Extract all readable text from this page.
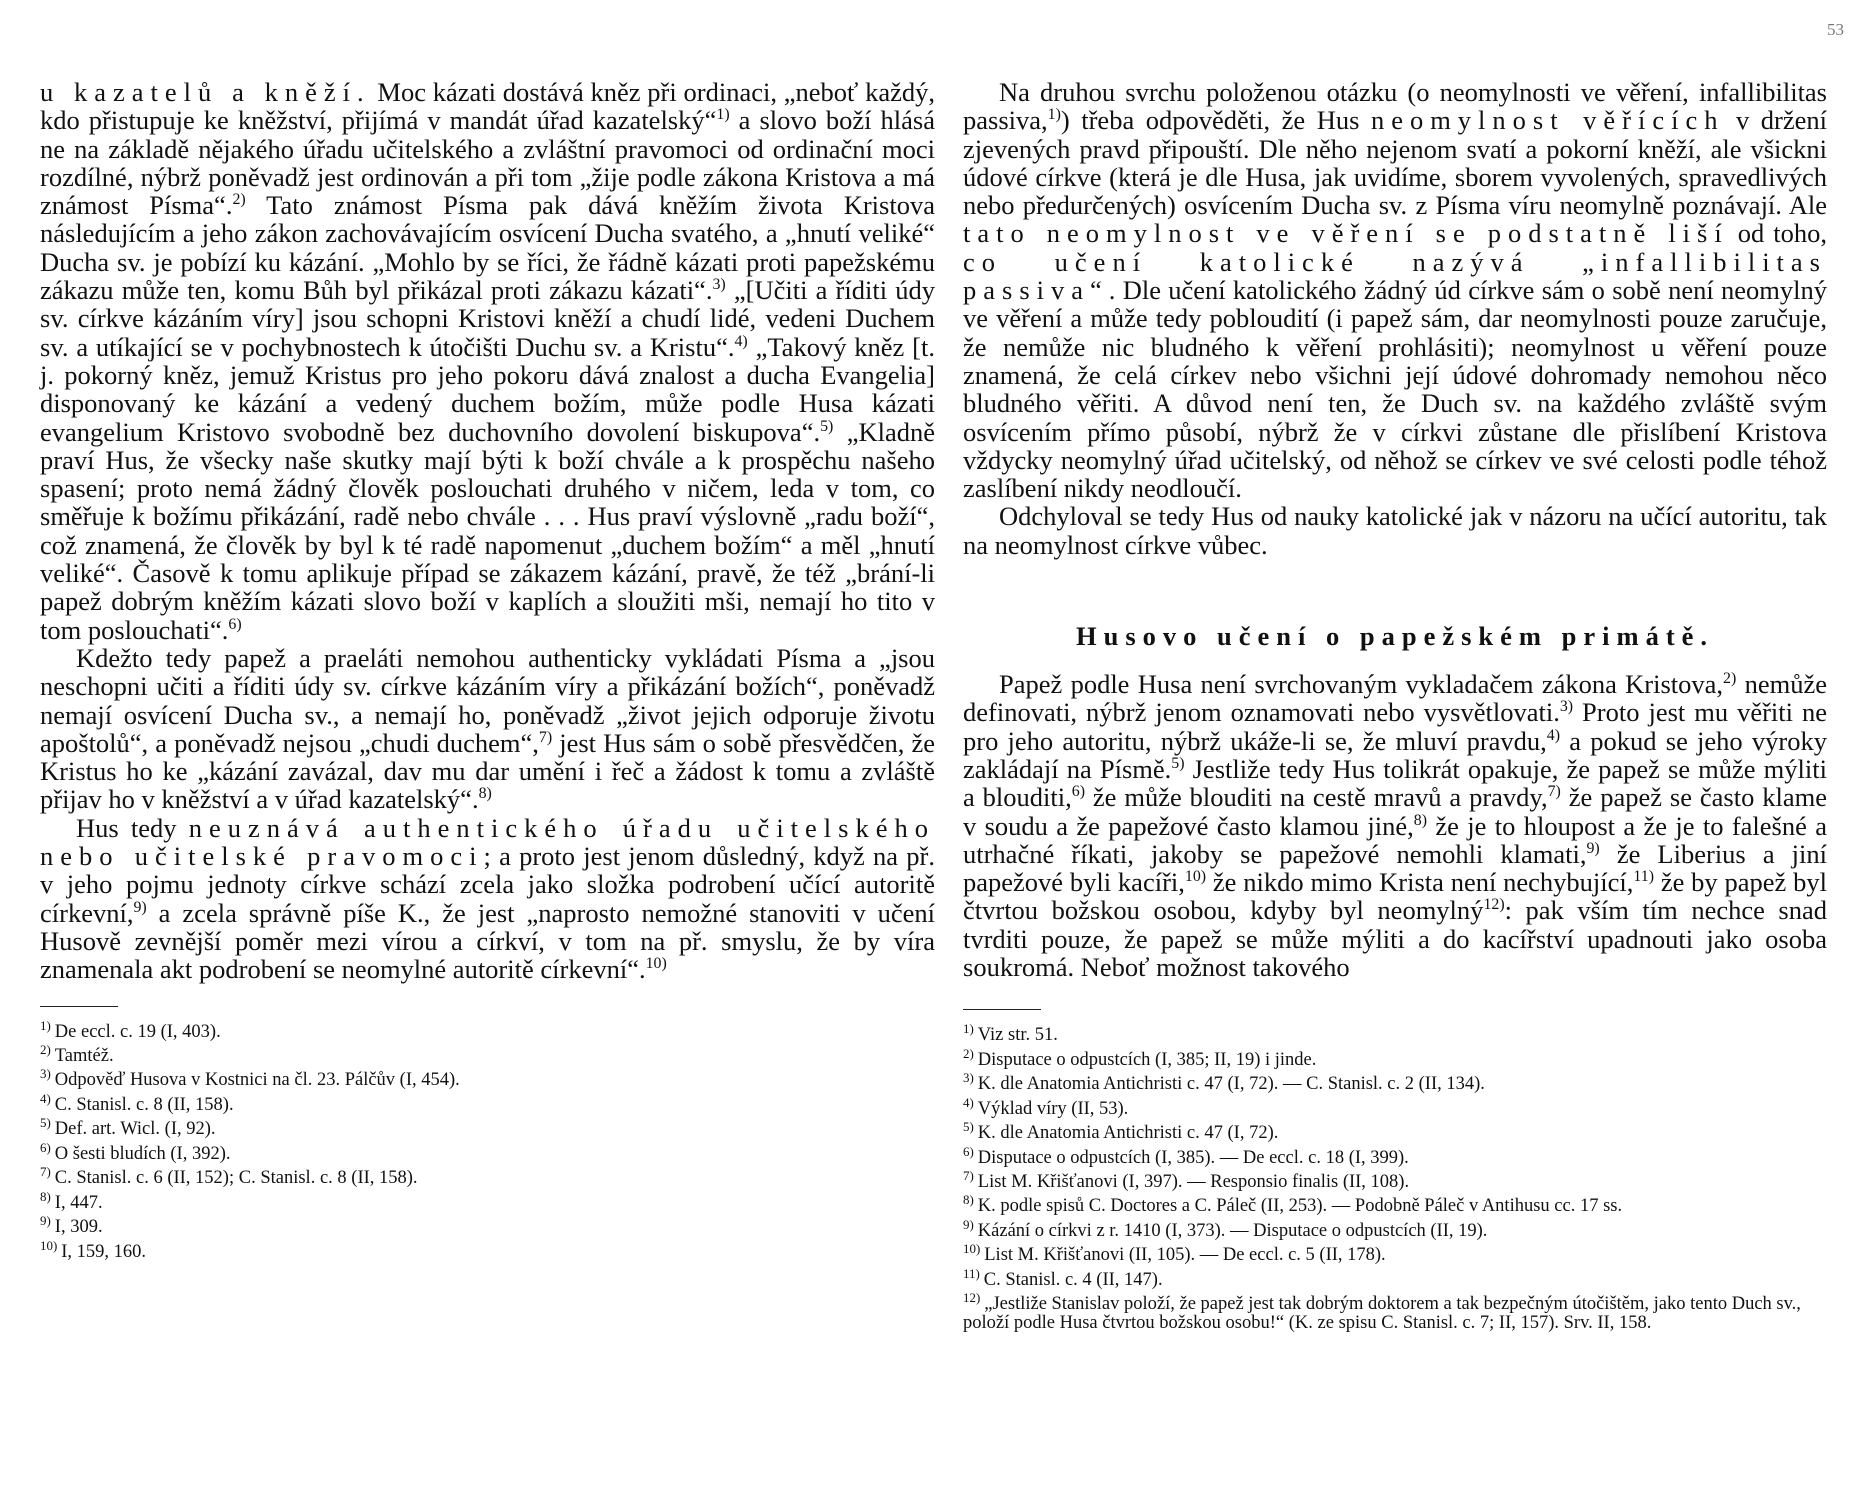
53

u kazatelů a kněží. Moc kázati dostává kněz při ordinaci, „neboť každý, kdo přistupuje ke kněžství, přijímá v mandát úřad kazatelský“$^{1)}$ a slovo boží hlásá ne na základě nějakého úřadu učitelského a zvláštní pravomoci od ordinační moci rozdílné, nýbrž poněvadž jest ordinován a při tom „žije podle zákona Kristova a má známost Písma“.$^{2)}$ Tato známost Písma pak dává kněžím života Kristova následujícím a jeho zákon zachovávajícím osvícení Ducha svatého, a „hnutí veliké“ Ducha sv. je pobízí ku kázání. „Mohlo by se říci, že řádně kázati proti papežskému zákazu může ten, komu Bůh byl přikázal proti zákazu kázati“.$^{3)}$ „[Učiti a říditi údy sv. církve kázáním víry] jsou schopni Kristovi kněží a chudí lidé, vedeni Duchem sv. a utíkající se v pochybnostech k útočišti Duchu sv. a Kristu“.$^{4)}$ „Takový kněz [t. j. pokorný kněz, jemuž Kristus pro jeho pokoru dává znalost a ducha Evangelia] disponovaný ke kázání a vedený duchem božím, může podle Husa kázati evangelium Kristovo svobodně bez duchovního dovolení biskupova“.$^{5)}$ „Kladně praví Hus, že všecky naše skutky mají býti k boží chvále a k prospěchu našeho spasení; proto nemá žádný člověk poslouchati druhého v ničem, leda v tom, co směřuje k božímu přikázání, radě nebo chvále . . . Hus praví výslovně „radu boží“, což znamená, že člověk by byl k té radě napomenut „duchem božím“ a měl „hnutí veliké“. Časově k tomu aplikuje případ se zákazem kázání, pravě, že též „brání-li papež dobrým kněžím kázati slovo boží v kaplích a sloužiti mši, nemají ho tito v tom poslouchati“.$^{6)}$

Kdežto tedy papež a praeláti nemohou authenticky vykládati Písma a „jsou neschopni učiti a říditi údy sv. církve kázáním víry a přikázání božích“, poněvadž nemají osvícení Ducha sv., a nemají ho, poněvadž „život jejich odporuje životu apoštolů“, a poněvadž nejsou „chudi duchem“,$^{7)}$ jest Hus sám o sobě přesvědčen, že Kristus ho ke „kázání zavázal, dav mu dar umění i řeč a žádost k tomu a zvláště přijav ho v kněžství a v úřad kazatelský“.$^{8)}$

Hus tedy neuznává authentického úřadu učitelského nebo učitelské pravomoci; a proto jest jenom důsledný, když na př. v jeho pojmu jednoty církve schází zcela jako složka podrobení učící autoritě církevní,$^{9)}$ a zcela správně píše K., že jest „naprosto nemožné stanoviti v učení Husově zevnější poměr mezi vírou a církví, v tom na př. smyslu, že by víra znamenala akt podrobení se neomylné autoritě církevní“.$^{10)}$

$^{1)}$ De eccl. c. 19 (I, 403).
$^{2)}$ Tamtéž.
$^{3)}$ Odpověď Husova v Kostnici na čl. 23. Pálčův (I, 454).
$^{4)}$ C. Stanisl. c. 8 (II, 158).
$^{5)}$ Def. art. Wicl. (I, 92).
$^{6)}$ O šesti bludích (I, 392).
$^{7)}$ C. Stanisl. c. 6 (II, 152); C. Stanisl. c. 8 (II, 158).
$^{8)}$ I, 447.
$^{9)}$ I, 309.
$^{10)}$ I, 159, 160.

Na druhou svrchu položenou otázku (o neomylnosti ve věření, infallibilitas passiva,$^{1)}$) třeba odpověděti, že Hus neomylnost věřících v držení zjevených pravd připouští. Dle něho nejenom svatí a pokorní kněží, ale všickni údové církve (která je dle Husa, jak uvidíme, sborem vyvolených, spravedlivých nebo předurčených) osvícením Ducha sv. z Písma víru neomylně poznávají. Ale tato neomylnost ve věření se podstatně liší od toho, co učení katolické nazývá „infallibilitas passiva“. Dle učení katolického žádný úd církve sám o sobě není neomylný ve věření a může tedy pobloudití (i papež sám, dar neomylnosti pouze zaručuje, že nemůže nic bludného k věření prohlásiti); neomylnost u věření pouze znamená, že celá církev nebo všichni její údové dohromady nemohou něco bludného věřiti. A důvod není ten, že Duch sv. na každého zvláště svým osvícením přímo působí, nýbrž že v církvi zůstane dle přislíbení Kristova vždycky neomylný úřad učitelský, od něhož se církev ve své celosti podle téhož zaslíbení nikdy neodloučí.

Odchyloval se tedy Hus od nauky katolické jak v názoru na učící autoritu, tak na neomylnost církve vůbec.

Husovo učení o papežském primátě.

Papež podle Husa není svrchovaným vykladačem zákona Kristova,$^{2)}$ nemůže definovati, nýbrž jenom oznamovati nebo vysvětlovati.$^{3)}$ Proto jest mu věřiti ne pro jeho autoritu, nýbrž ukáže-li se, že mluví pravdu,$^{4)}$ a pokud se jeho výroky zakládají na Písmě.$^{5)}$ Jestliže tedy Hus tolikrát opakuje, že papež se může mýliti a blouditi,$^{6)}$ že může blouditi na cestě mravů a pravdy,$^{7)}$ že papež se často klame v soudu a že papežové často klamou jiné,$^{8)}$ že je to hloupost a že je to falešné a utrhačné říkati, jakoby se papežové nemohli klamati,$^{9)}$ že Liberius a jiní papežové byli kacíři,$^{10)}$ že nikdo mimo Krista není nechybující,$^{11)}$ že by papež byl čtvrtou božskou osobou, kdyby byl neomylný$^{12)}$: pak vším tím nechce snad tvrditi pouze, že papež se může mýliti a do kacířství upadnouti jako osoba soukromá. Neboť možnost takového

$^{1)}$ Viz str. 51.
$^{2)}$ Disputace o odpustcích (I, 385; II, 19) i jinde.
$^{3)}$ K. dle Anatomia Antichristi c. 47 (I, 72). — C. Stanisl. c. 2 (II, 134).
$^{4)}$ Výklad víry (II, 53).
$^{5)}$ K. dle Anatomia Antichristi c. 47 (I, 72).
$^{6)}$ Disputace o odpustcích (I, 385). — De eccl. c. 18 (I, 399).
$^{7)}$ List M. Křišťanovi (I, 397). — Responsio finalis (II, 108).
$^{8)}$ K. podle spisů C. Doctores a C. Páleč (II, 253). — Podobně Páleč v Antihusu cc. 17 ss.
$^{9)}$ Kázání o církvi z r. 1410 (I, 373). — Disputace o odpustcích (II, 19).
$^{10)}$ List M. Křišťanovi (II, 105). — De eccl. c. 5 (II, 178).
$^{11)}$ C. Stanisl. c. 4 (II, 147).
$^{12)}$ „Jestliže Stanislav položí, že papež jest tak dobrým doktorem a tak bezpečným útočištěm, jako tento Duch sv., položí podle Husa čtvrtou božskou osobu!“ (K. ze spisu C. Stanisl. c. 7; II, 157). Srv. II, 158.
